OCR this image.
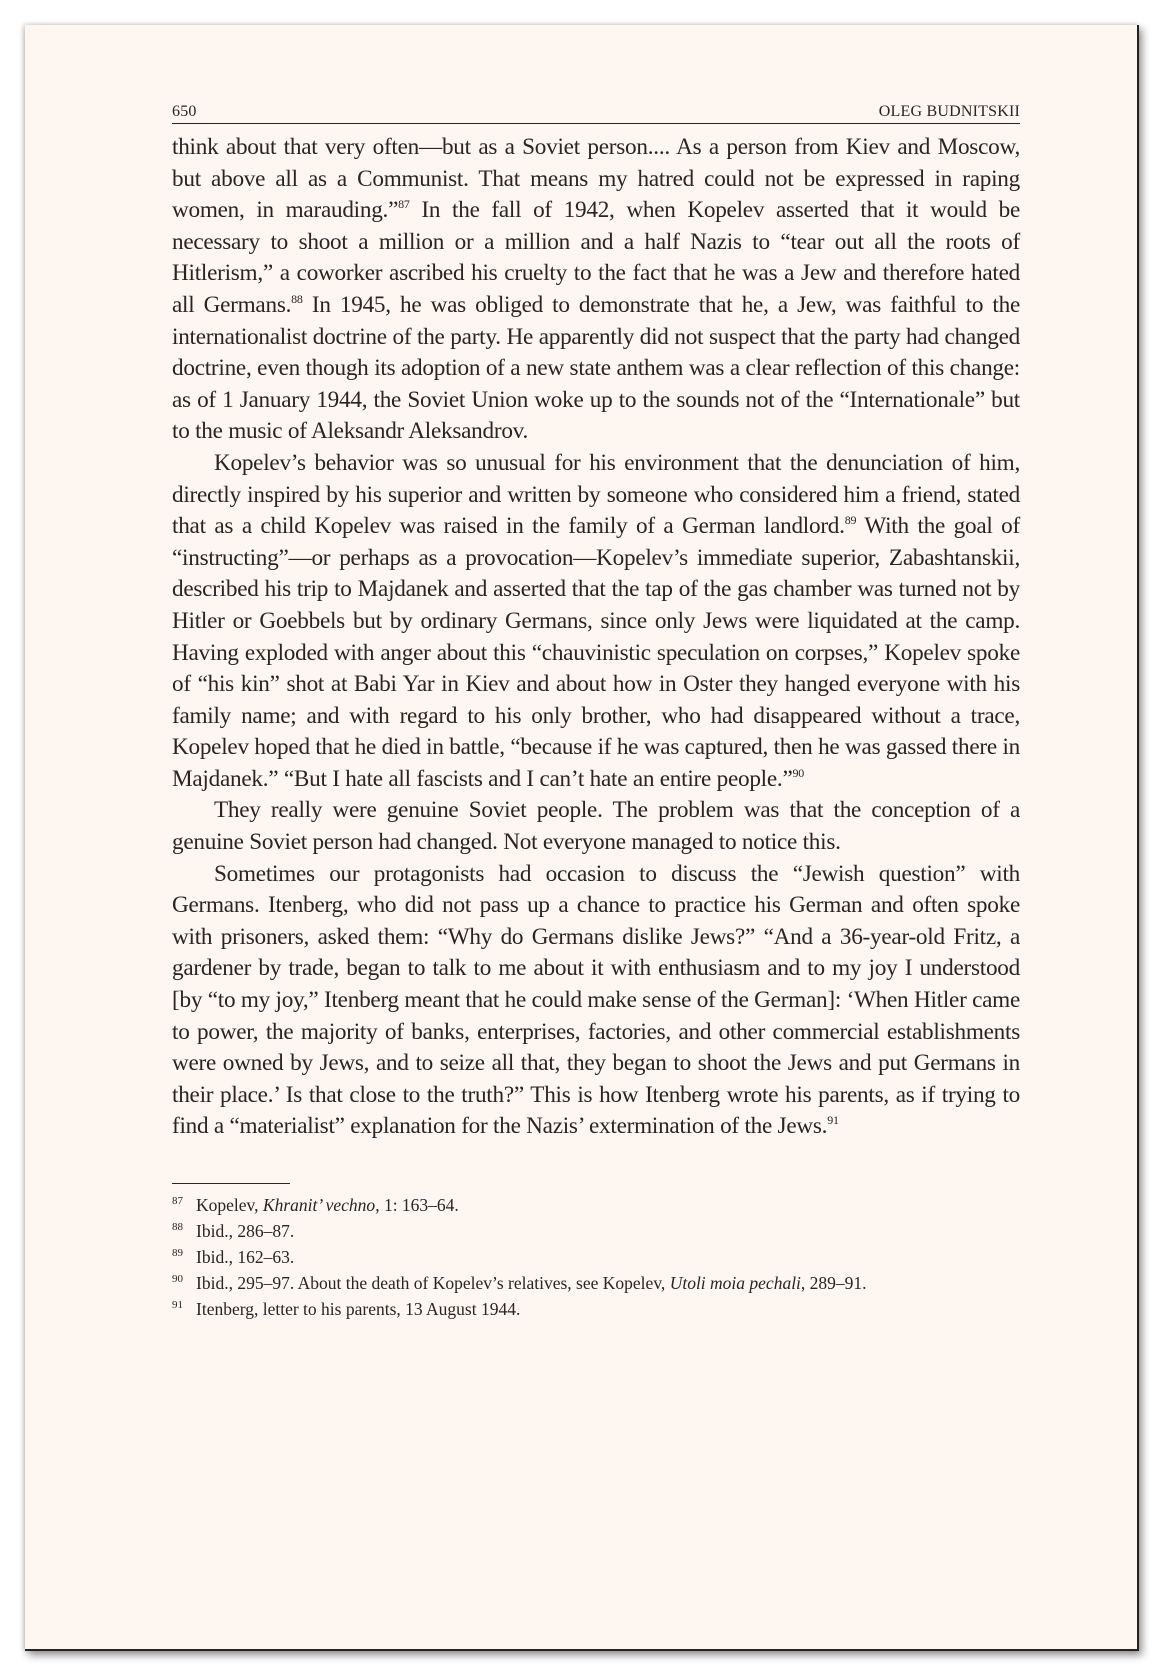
650	OLEG BUDNITSKII

think about that very often—but as a Soviet person.... As a person from Kiev and Moscow, but above all as a Communist. That means my hatred could not be expressed in raping women, in marauding.”$^{87}$ In the fall of 1942, when Kopelev asserted that it would be necessary to shoot a million or a million and a half Nazis to “tear out all the roots of Hitlerism,” a coworker ascribed his cruelty to the fact that he was a Jew and therefore hated all Germans.$^{88}$ In 1945, he was obliged to demonstrate that he, a Jew, was faithful to the internationalist doctrine of the party. He apparently did not suspect that the party had changed doctrine, even though its adoption of a new state anthem was a clear reflection of this change: as of 1 January 1944, the Soviet Union woke up to the sounds not of the “Internationale” but to the music of Aleksandr Aleksandrov.

Kopelev’s behavior was so unusual for his environment that the denunciation of him, directly inspired by his superior and written by someone who considered him a friend, stated that as a child Kopelev was raised in the family of a German landlord.$^{89}$ With the goal of “instructing”—or perhaps as a provocation—Kopelev’s immediate superior, Zabashtanskii, described his trip to Majdanek and asserted that the tap of the gas chamber was turned not by Hitler or Goebbels but by ordinary Germans, since only Jews were liquidated at the camp. Having exploded with anger about this “chauvinistic speculation on corpses,” Kopelev spoke of “his kin” shot at Babi Yar in Kiev and about how in Oster they hanged everyone with his family name; and with regard to his only brother, who had disappeared without a trace, Kopelev hoped that he died in battle, “because if he was captured, then he was gassed there in Majdanek.” “But I hate all fascists and I can’t hate an entire people.”$^{90}$

They really were genuine Soviet people. The problem was that the conception of a genuine Soviet person had changed. Not everyone managed to notice this.

Sometimes our protagonists had occasion to discuss the “Jewish question” with Germans. Itenberg, who did not pass up a chance to practice his German and often spoke with prisoners, asked them: “Why do Germans dislike Jews?” “And a 36-year-old Fritz, a gardener by trade, began to talk to me about it with enthusiasm and to my joy I understood [by “to my joy,” Itenberg meant that he could make sense of the German]: ‘When Hitler came to power, the majority of banks, enterprises, factories, and other commercial establishments were owned by Jews, and to seize all that, they began to shoot the Jews and put Germans in their place.’ Is that close to the truth?” This is how Itenberg wrote his parents, as if trying to find a “materialist” explanation for the Nazis’ extermination of the Jews.$^{91}$

87 Kopelev, Khranit’ vechno, 1: 163–64.
88 Ibid., 286–87.
89 Ibid., 162–63.
90 Ibid., 295–97. About the death of Kopelev’s relatives, see Kopelev, Utoli moia pechali, 289–91.
91 Itenberg, letter to his parents, 13 August 1944.
